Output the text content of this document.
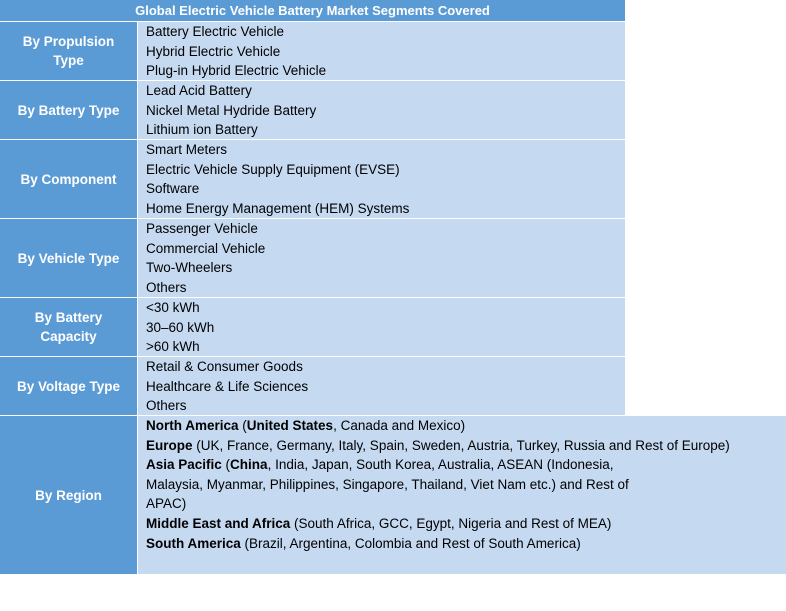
Global Electric Vehicle Battery Market Segments Covered
By Propulsion Type
Battery Electric Vehicle
Hybrid Electric Vehicle
Plug-in Hybrid Electric Vehicle
By Battery Type
Lead Acid Battery
Nickel Metal Hydride Battery
Lithium ion Battery
By Component
Smart Meters
Electric Vehicle Supply Equipment (EVSE)
Software
Home Energy Management (HEM) Systems
By Vehicle Type
Passenger Vehicle
Commercial Vehicle
Two-Wheelers
Others
By Battery Capacity
<30 kWh
30–60 kWh
>60 kWh
By Voltage Type
Retail & Consumer Goods
Healthcare & Life Sciences
Others
By Region
North America (United States, Canada and Mexico)
Europe (UK, France, Germany, Italy, Spain, Sweden, Austria, Turkey, Russia and Rest of Europe)
Asia Pacific (China, India, Japan, South Korea, Australia, ASEAN (Indonesia, Malaysia, Myanmar, Philippines, Singapore, Thailand, Viet Nam etc.) and Rest of APAC)
Middle East and Africa (South Africa, GCC, Egypt, Nigeria and Rest of MEA)
South America (Brazil, Argentina, Colombia and Rest of South America)
